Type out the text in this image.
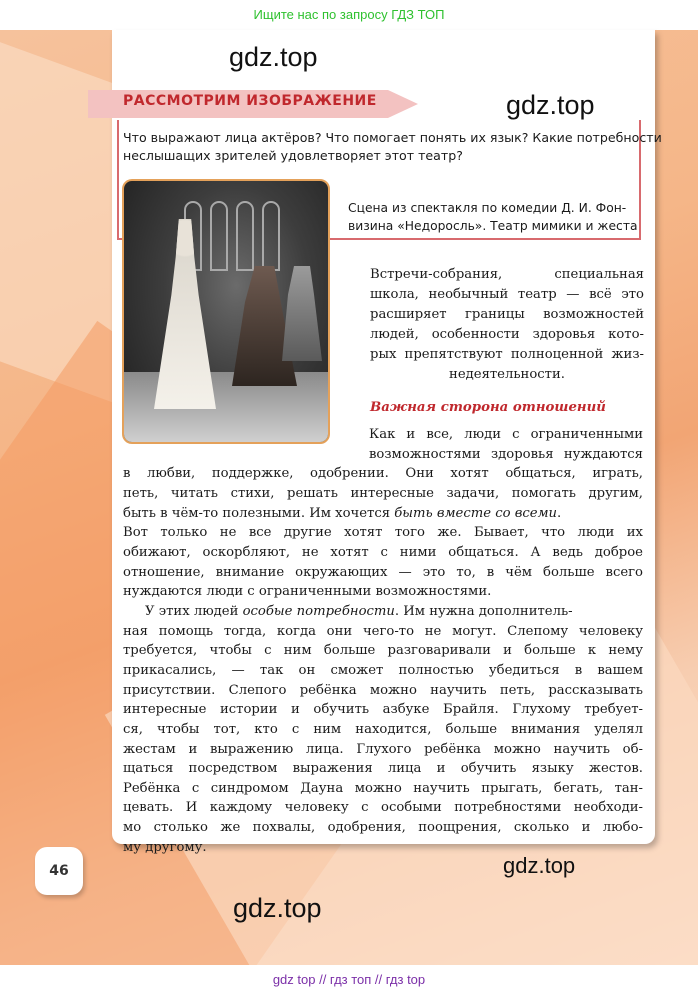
Ищите нас по запросу ГДЗ ТОП
gdz.top
gdz.top
РАССМОТРИМ ИЗОБРАЖЕНИЕ
Что выражают лица актёров? Что помогает понять их язык? Какие потребности
неслышащих зрителей удовлетворяет этот театр?
Сцена из спектакля по комедии Д. И. Фон-
визина «Недоросль». Театр мимики и жеста
Встречи-собрания, специальная
школа, необычный театр — всё это
расширяет границы возможностей
людей, особенности здоровья кото-
рых препятствуют полноценной жиз-
недеятельности.
Важная сторона отношений
Как и все, люди с ограниченными
возможностями здоровья нуждаются
в любви, поддержке, одобрении. Они хотят общаться, играть,
петь, читать стихи, решать интересные задачи, помогать другим,
быть в чём-то полезными. Им хочется быть вместе со всеми.
Вот только не все другие хотят того же. Бывает, что люди их
обижают, оскорбляют, не хотят с ними общаться. А ведь доброе
отношение, внимание окружающих — это то, в чём больше всего
нуждаются люди с ограниченными возможностями.
У этих людей особые потребности. Им нужна дополнитель-
ная помощь тогда, когда они чего-то не могут. Слепому человеку
требуется, чтобы с ним больше разговаривали и больше к нему
прикасались, — так он сможет полностью убедиться в вашем
присутствии. Слепого ребёнка можно научить петь, рассказывать
интересные истории и обучить азбуке Брайля. Глухому требует-
ся, чтобы тот, кто с ним находится, больше внимания уделял
жестам и выражению лица. Глухого ребёнка можно научить об-
щаться посредством выражения лица и обучить языку жестов.
Ребёнка с синдромом Дауна можно научить прыгать, бегать, тан-
цевать. И каждому человеку с особыми потребностями необходи-
мо столько же похвалы, одобрения, поощрения, сколько и любо-
му другому.
46	gdz.top
gdz.top
gdz top // гдз топ // гдз top
